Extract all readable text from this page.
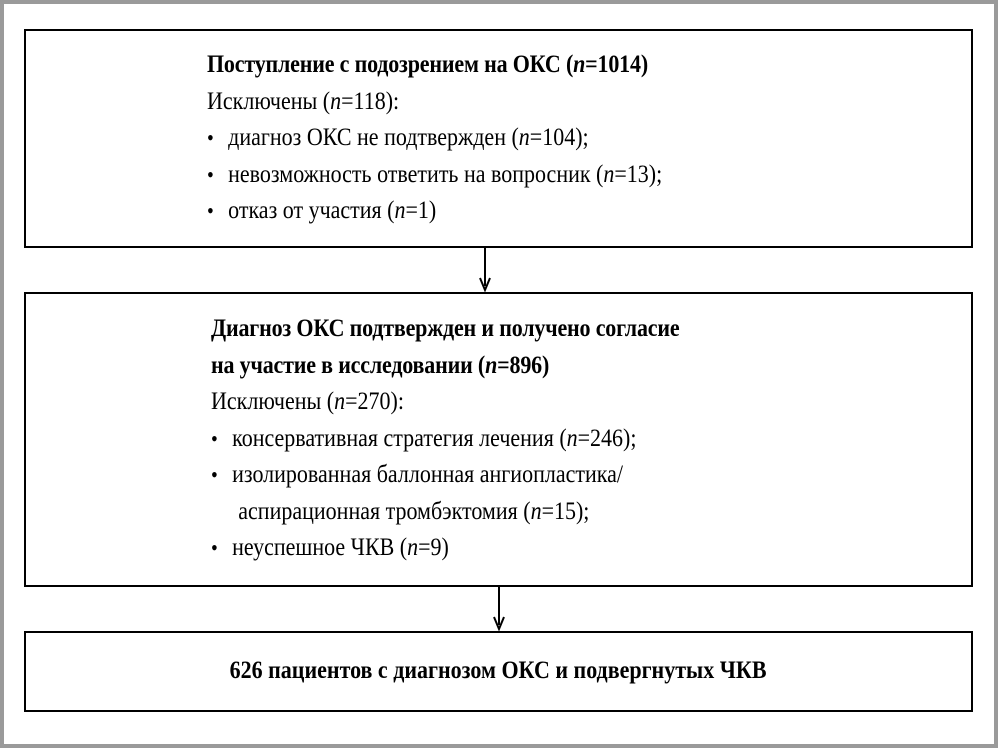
Поступление с подозрением на ОКС (n=1014)
Исключены (n=118):
• диагноз ОКС не подтвержден (n=104);
• невозможность ответить на вопросник (n=13);
• отказ от участия (n=1)
Диагноз ОКС подтвержден и получено согласие
на участие в исследовании (n=896)
Исключены (n=270):
• консервативная стратегия лечения (n=246);
• изолированная баллонная ангиопластика/
аспирационная тромбэктомия (n=15);
• неуспешное ЧКВ (n=9)
626 пациентов с диагнозом ОКС и подвергнутых ЧКВ
